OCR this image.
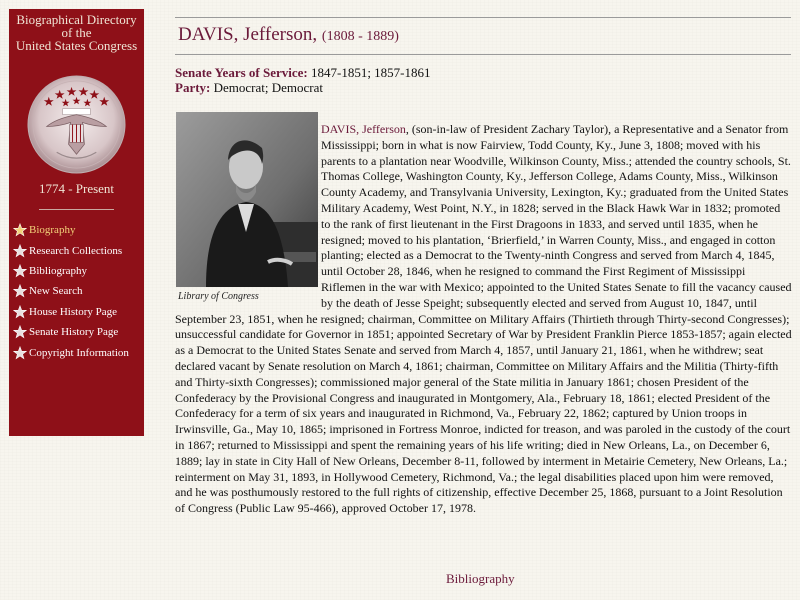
Biographical Directory
of the
United States Congress
1774 - Present
Biography
Research Collections
Bibliography
New Search
House History Page
Senate History Page
Copyright Information
DAVIS, Jefferson, (1808 - 1889)
Senate Years of Service: 1847-1851; 1857-1861
Party: Democrat; Democrat
Library of Congress

DAVIS, Jefferson, (son-in-law of President Zachary Taylor), a Representative and a Senator from Mississippi; born in what is now Fairview, Todd County, Ky., June 3, 1808; moved with his parents to a plantation near Woodville, Wilkinson County, Miss.; attended the country schools, St. Thomas College, Washington County, Ky., Jefferson College, Adams County, Miss., Wilkinson County Academy, and Transylvania University, Lexington, Ky.; graduated from the United States Military Academy, West Point, N.Y., in 1828; served in the Black Hawk War in 1832; promoted to the rank of first lieutenant in the First Dragoons in 1833, and served until 1835, when he resigned; moved to his plantation, ‘Brierfield,’ in Warren County, Miss., and engaged in cotton planting; elected as a Democrat to the Twenty-ninth Congress and served from March 4, 1845, until October 28, 1846, when he resigned to command the First Regiment of Mississippi Riflemen in the war with Mexico; appointed to the United States Senate to fill the vacancy caused by the death of Jesse Speight; subsequently elected and served from August 10, 1847, until September 23, 1851, when he resigned; chairman, Committee on Military Affairs (Thirtieth through Thirty-second Congresses); unsuccessful candidate for Governor in 1851; appointed Secretary of War by President Franklin Pierce 1853-1857; again elected as a Democrat to the United States Senate and served from March 4, 1857, until January 21, 1861, when he withdrew; seat declared vacant by Senate resolution on March 4, 1861; chairman, Committee on Military Affairs and the Militia (Thirty-fifth and Thirty-sixth Congresses); commissioned major general of the State militia in January 1861; chosen President of the Confederacy by the Provisional Congress and inaugurated in Montgomery, Ala., February 18, 1861; elected President of the Confederacy for a term of six years and inaugurated in Richmond, Va., February 22, 1862; captured by Union troops in Irwinsville, Ga., May 10, 1865; imprisoned in Fortress Monroe, indicted for treason, and was paroled in the custody of the court in 1867; returned to Mississippi and spent the remaining years of his life writing; died in New Orleans, La., on December 6, 1889; lay in state in City Hall of New Orleans, December 8-11, followed by interment in Metairie Cemetery, New Orleans, La.; reinterment on May 31, 1893, in Hollywood Cemetery, Richmond, Va.; the legal disabilities placed upon him were removed, and he was posthumously restored to the full rights of citizenship, effective December 25, 1868, pursuant to a Joint Resolution of Congress (Public Law 95-466), approved October 17, 1978.

Bibliography
